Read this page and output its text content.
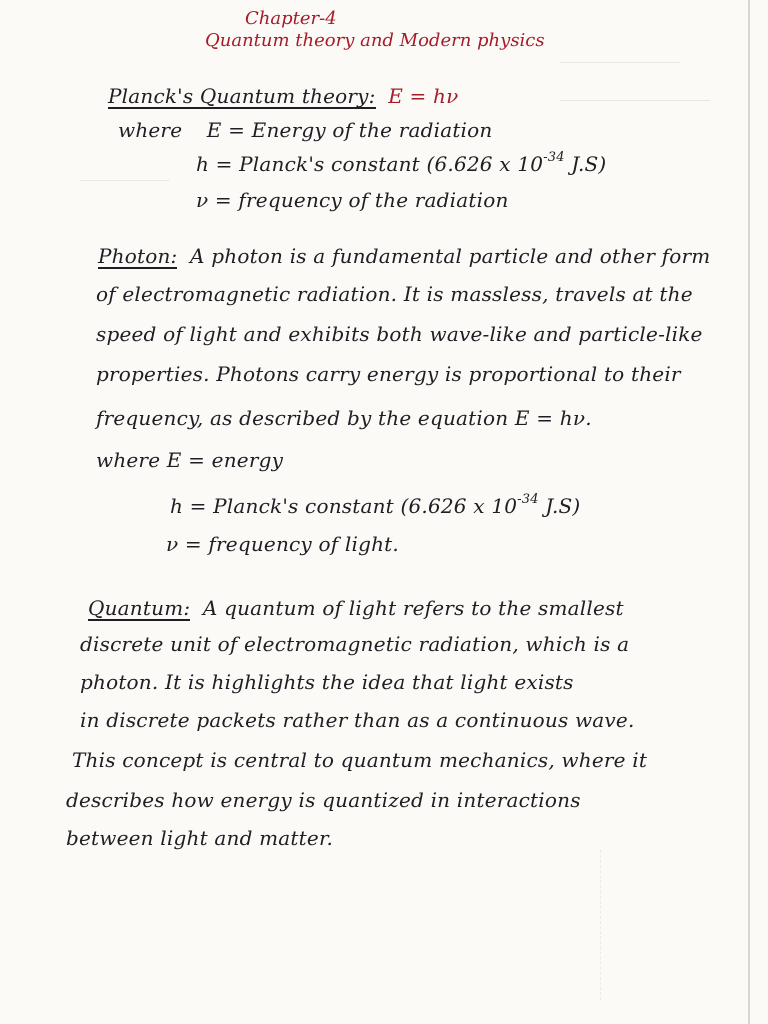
Chapter-4
Quantum theory and Modern physics
Planck's Quantum theory: E = hν
where E = Energy of the radiation
h = Planck's constant (6.626 x $10^{-34}$ J.S)
ν = frequency of the radiation
Photon: A photon is a fundamental particle and other form
of electromagnetic radiation. It is massless, travels at the
speed of light and exhibits both wave-like and particle-like
properties. Photons carry energy is proportional to their
frequency, as described by the equation E = hν.
where E = energy
h = Planck's constant (6.626 x $10^{-34}$ J.S)
ν = frequency of light.
Quantum: A quantum of light refers to the smallest
discrete unit of electromagnetic radiation, which is a
photon. It is highlights the idea that light exists
in discrete packets rather than as a continuous wave.
This concept is central to quantum mechanics, where it
describes how energy is quantized in interactions
between light and matter.
